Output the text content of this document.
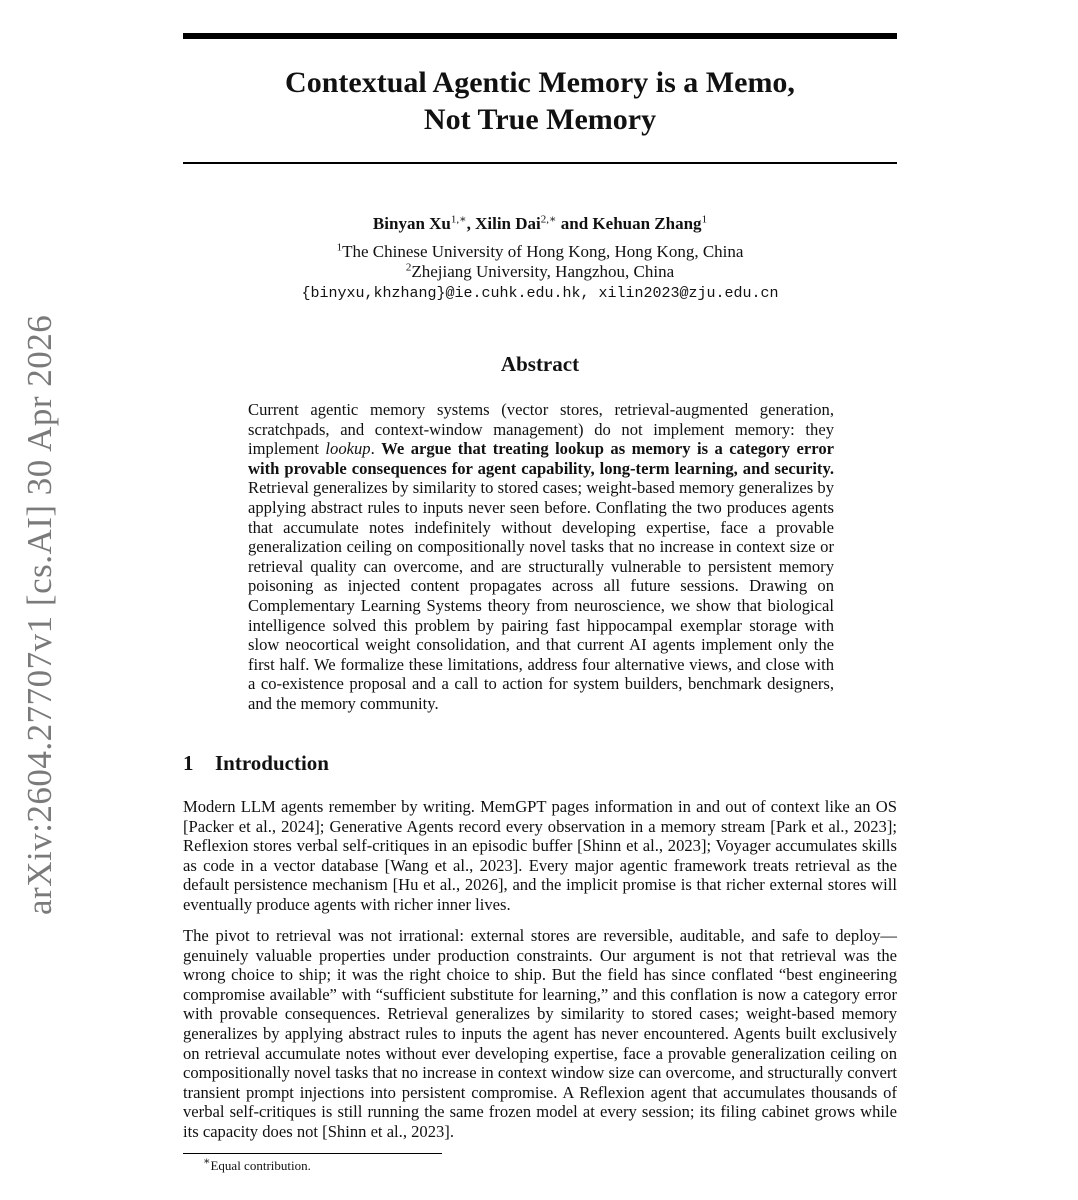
arXiv:2604.27707v1 [cs.AI] 30 Apr 2026
Contextual Agentic Memory is a Memo,
Not True Memory
Binyan $Xu^{1,∗}$, Xilin Dai$^{2,∗}$ and Kehuan Zhang$^1$
$^1$The Chinese University of Hong Kong, Hong Kong, China
$^2$Zhejiang University, Hangzhou, China
{binyxu,khzhang}@ie.cuhk.edu.hk, xilin2023@zju.edu.cn
Abstract

Current agentic memory systems (vector stores, retrieval-augmented generation, scratchpads, and context-window management) do not implement memory: they implement lookup. We argue that treating lookup as memory is a category error with provable consequences for agent capability, long-term learning, and security. Retrieval generalizes by similarity to stored cases; weight-based memory generalizes by applying abstract rules to inputs never seen before. Conflating the two produces agents that accumulate notes indefinitely without developing expertise, face a provable generalization ceiling on compositionally novel tasks that no increase in context size or retrieval quality can overcome, and are structurally vulnerable to persistent memory poisoning as injected content propagates across all future sessions. Drawing on Complementary Learning Systems theory from neuroscience, we show that biological intelligence solved this problem by pairing fast hippocampal exemplar storage with slow neocortical weight consolidation, and that current AI agents implement only the first half. We formalize these limitations, address four alternative views, and close with a co-existence proposal and a call to action for system builders, benchmark designers, and the memory community.

1 Introduction

Modern LLM agents remember by writing. MemGPT pages information in and out of context like an OS [Packer et al., 2024]; Generative Agents record every observation in a memory stream [Park et al., 2023]; Reflexion stores verbal self-critiques in an episodic buffer [Shinn et al., 2023]; Voyager accumulates skills as code in a vector database [Wang et al., 2023]. Every major agentic framework treats retrieval as the default persistence mechanism [Hu et al., 2026], and the implicit promise is that richer external stores will eventually produce agents with richer inner lives.

The pivot to retrieval was not irrational: external stores are reversible, auditable, and safe to deploy—genuinely valuable properties under production constraints. Our argument is not that retrieval was the wrong choice to ship; it was the right choice to ship. But the field has since conflated “best engineering compromise available” with “sufficient substitute for learning,” and this conflation is now a category error with provable consequences. Retrieval generalizes by similarity to stored cases; weight-based memory generalizes by applying abstract rules to inputs the agent has never encountered. Agents built exclusively on retrieval accumulate notes without ever developing expertise, face a provable generalization ceiling on compositionally novel tasks that no increase in context window size can overcome, and structurally convert transient prompt injections into persistent compromise. A Reflexion agent that accumulates thousands of verbal self-critiques is still running the same frozen model at every session; its filing cabinet grows while its capacity does not [Shinn et al., 2023].

∗Equal contribution.
